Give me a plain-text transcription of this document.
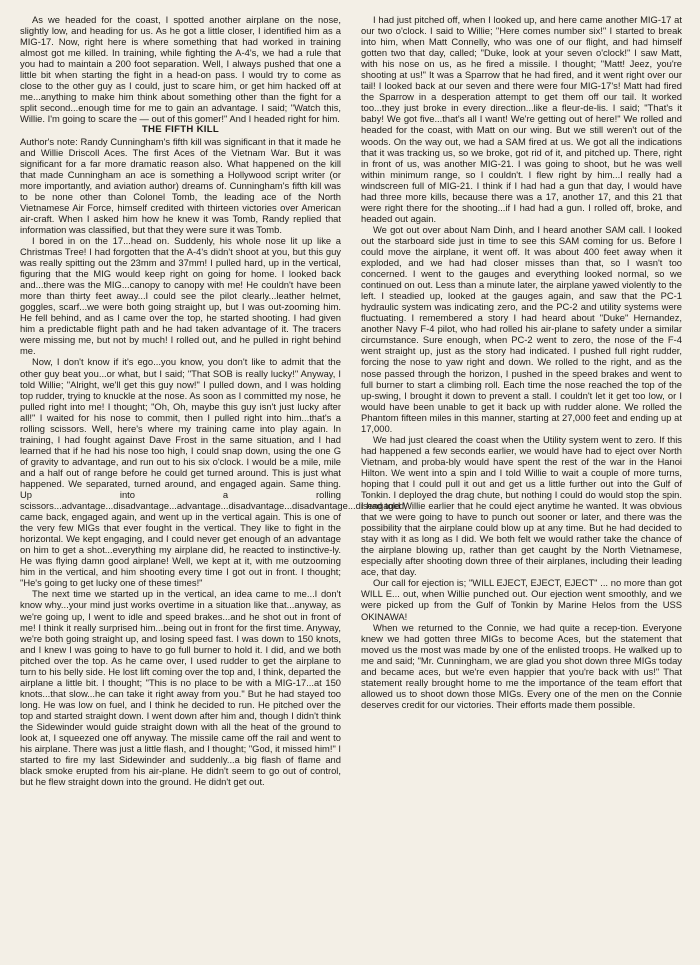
As we headed for the coast, I spotted another airplane on the nose, slightly low, and heading for us. As he got a little closer, I identified him as a MIG-17. Now, right here is where something that had worked in training almost got me killed. In training, while fighting the A-4's, we had a rule that you had to maintain a 200 foot separation. Well, I always pushed that one a little bit when starting the fight in a head-on pass. I would try to come as close to the other guy as I could, just to scare him, or get him hacked off at me...anything to make him think about something other than the fight for a split second...enough time for me to gain an advantage. I said; "Watch this, Willie. I'm going to scare the — out of this gomer!" And I headed right for him.

THE FIFTH KILL

Author's note: Randy Cunningham's fifth kill was significant in that it made he and Willie Driscoll Aces. The first Aces of the Vietnam War. But it was significant for a far more dramatic reason also. What happened on the kill that made Cunningham an ace is something a Hollywood script writer (or more importantly, and aviation author) dreams of. Cunningham's fifth kill was to be none other than Colonel Tomb, the leading ace of the North Vietnamese Air Force, himself credited with thirteen victories over American air-craft. When I asked him how he knew it was Tomb, Randy replied that information was classified, but that they were sure it was Tomb.

I bored in on the 17...head on. Suddenly, his whole nose lit up like a Christmas Tree! I had forgotten that the A-4's didn't shoot at you, but this guy was really spitting out the 23mm and 37mm! I pulled hard, up in the vertical, figuring that the MIG would keep right on going for home. I looked back and...there was the MIG...canopy to canopy with me! He couldn't have been more than thirty feet away...I could see the pilot clearly...leather helmet, goggles, scarf...we were both going straight up, but I was out-zooming him. He fell behind, and as I came over the top, he started shooting. I had given him a predictable flight path and he had taken advantage of it. The tracers were missing me, but not by much! I rolled out, and he pulled in right behind me.

Now, I don't know if it's ego...you know, you don't like to admit that the other guy beat you...or what, but I said; "That SOB is really lucky!" Anyway, I told Willie; "Alright, we'll get this guy now!" I pulled down, and I was holding top rudder, trying to knuckle at the nose. As soon as I committed my nose, he pulled right into me! I thought; "Oh, Oh, maybe this guy isn't just lucky after all!" I waited for his nose to commit, then I pulled right into him...that's a rolling scissors. Well, here's where my training came into play again. In training, I had fought against Dave Frost in the same situation, and I had learned that if he had his nose too high, I could snap down, using the one G of gravity to advantage, and run out to his six o'clock. I would be a mile, mile and a half out of range before he could get turned around. This is just what happened. We separated, turned around, and engaged again. Same thing. Up into a rolling scissors...advantage...disadvantage...advantage...disadvantage...disadvantage...disengaged, came back, engaged again, and went up in the vertical again. This is one of the very few MIGs that ever fought in the vertical. They like to fight in the horizontal. We kept engaging, and I could never get enough of an advantage on him to get a shot...everything my airplane did, he reacted to instinctive-ly. He was flying damn good airplane! Well, we kept at it, with me outzooming him in the vertical, and him shooting every time I got out in front. I thought; "He's going to get lucky one of these times!"

The next time we started up in the vertical, an idea came to me...I don't know why...your mind just works overtime in a situation like that...anyway, as we're going up, I went to idle and speed brakes...and he shot out in front of me! I think it really surprised him...being out in front for the first time. Anyway, we're both going straight up, and losing speed fast. I was down to 150 knots, and I knew I was going to have to go full burner to hold it. I did, and we both pitched over the top. As he came over, I used rudder to get the airplane to turn to his belly side. He lost lift coming over the top and, I think, departed the airplane a little bit. I thought; "This is no place to be with a MIG-17...at 150 knots...that slow...he can take it right away from you." But he had stayed too long. He was low on fuel, and I think he decided to run. He pitched over the top and started straight down. I went down after him and, though I didn't think the Sidewinder would guide straight down with all the heat of the ground to look at, I squeezed one off anyway. The missile came off the rail and went to his airplane. There was just a little flash, and I thought; "God, it missed him!" I started to fire my last Sidewinder and suddenly...a big flash of flame and black smoke erupted from his air-plane. He didn't seem to go out of control, but he flew straight down into the ground. He didn't get out.

I had just pitched off, when I looked up, and here came another MIG-17 at our two o'clock. I said to Willie; "Here comes number six!" I started to break into him, when Matt Connelly, who was one of our flight, and had himself gotten two that day, called; "Duke, look at your seven o'clock!" I saw Matt, with his nose on us, as he fired a missile. I thought; "Matt! Jeez, you're shooting at us!" It was a Sparrow that he had fired, and it went right over our tail! I looked back at our seven and there were four MIG-17's! Matt had fired the Sparrow in a desperation attempt to get them off our tail. It worked too...they just broke in every direction...like a fleur-de-lis. I said; "That's it baby! We got five...that's all I want! We're getting out of here!" We rolled and headed for the coast, with Matt on our wing. But we still weren't out of the woods. On the way out, we had a SAM fired at us. We got all the indications that it was tracking us, so we broke, got rid of it, and pitched up. There, right in front of us, was another MIG-21. I was going to shoot, but he was well within minimum range, so I couldn't. I flew right by him...I really had a windscreen full of MIG-21. I think if I had had a gun that day, I would have had three more kills, because there was a 17, another 17, and this 21 that were right there for the shooting...if I had had a gun. I rolled off, broke, and headed out again.

We got out over about Nam Dinh, and I heard another SAM call. I looked out the starboard side just in time to see this SAM coming for us. Before I could move the airplane, it went off. It was about 400 feet away when it exploded, and we had had closer misses than that, so I wasn't too concerned. I went to the gauges and everything looked normal, so we continued on out. Less than a minute later, the airplane yawed violently to the left. I steadied up, looked at the gauges again, and saw that the PC-1 hydraulic system was indicating zero, and the PC-2 and utility systems were fluctuating. I remembered a story I had heard about "Duke" Hernandez, another Navy F-4 pilot, who had rolled his air-plane to safety under a similar circumstance. Sure enough, when PC-2 went to zero, the nose of the F-4 went straight up, just as the story had indicated. I pushed full right rudder, forcing the nose to yaw right and down. We rolled to the right, and as the nose passed through the horizon, I pushed in the speed brakes and went to full burner to start a climbing roll. Each time the nose reached the top of the up-swing, I brought it down to prevent a stall. I couldn't let it get too low, or I would have been unable to get it back up with rudder alone. We rolled the Phantom fifteen miles in this manner, starting at 27,000 feet and ending up at 17,000.

We had just cleared the coast when the Utility system went to zero. If this had happened a few seconds earlier, we would have had to eject over North Vietnam, and proba-bly would have spent the rest of the war in the Hanoi Hilton. We went into a spin and I told Willie to wait a couple of more turns, hoping that I could pull it out and get us a little further out into the Gulf of Tonkin. I deployed the drag chute, but nothing I could do would stop the spin. I had told Willie earlier that he could eject anytime he wanted. It was obvious that we were going to have to punch out sooner or later, and there was the possibility that the airplane could blow up at any time. But he had decided to stay with it as long as I did. We both felt we would rather take the chance of the airplane blowing up, rather than get caught by the North Vietnamese, especially after shooting down three of their airplanes, including their leading ace, that day.

Our call for ejection is; "WILL EJECT, EJECT, EJECT" ... no more than got WILL E... out, when Willie punched out. Our ejection went smoothly, and we were picked up from the Gulf of Tonkin by Marine Helos from the USS OKINAWA!

When we returned to the Connie, we had quite a recep-tion. Everyone knew we had gotten three MIGs to become Aces, but the statement that moved us the most was made by one of the enlisted troops. He walked up to me and said; "Mr. Cunningham, we are glad you shot down three MIGs today and became aces, but we're even happier that you're back with us!" That statement really brought home to me the importance of the team effort that allowed us to shoot down those MIGs. Every one of the men on the Connie deserves credit for our victories. Their efforts made them possible.
